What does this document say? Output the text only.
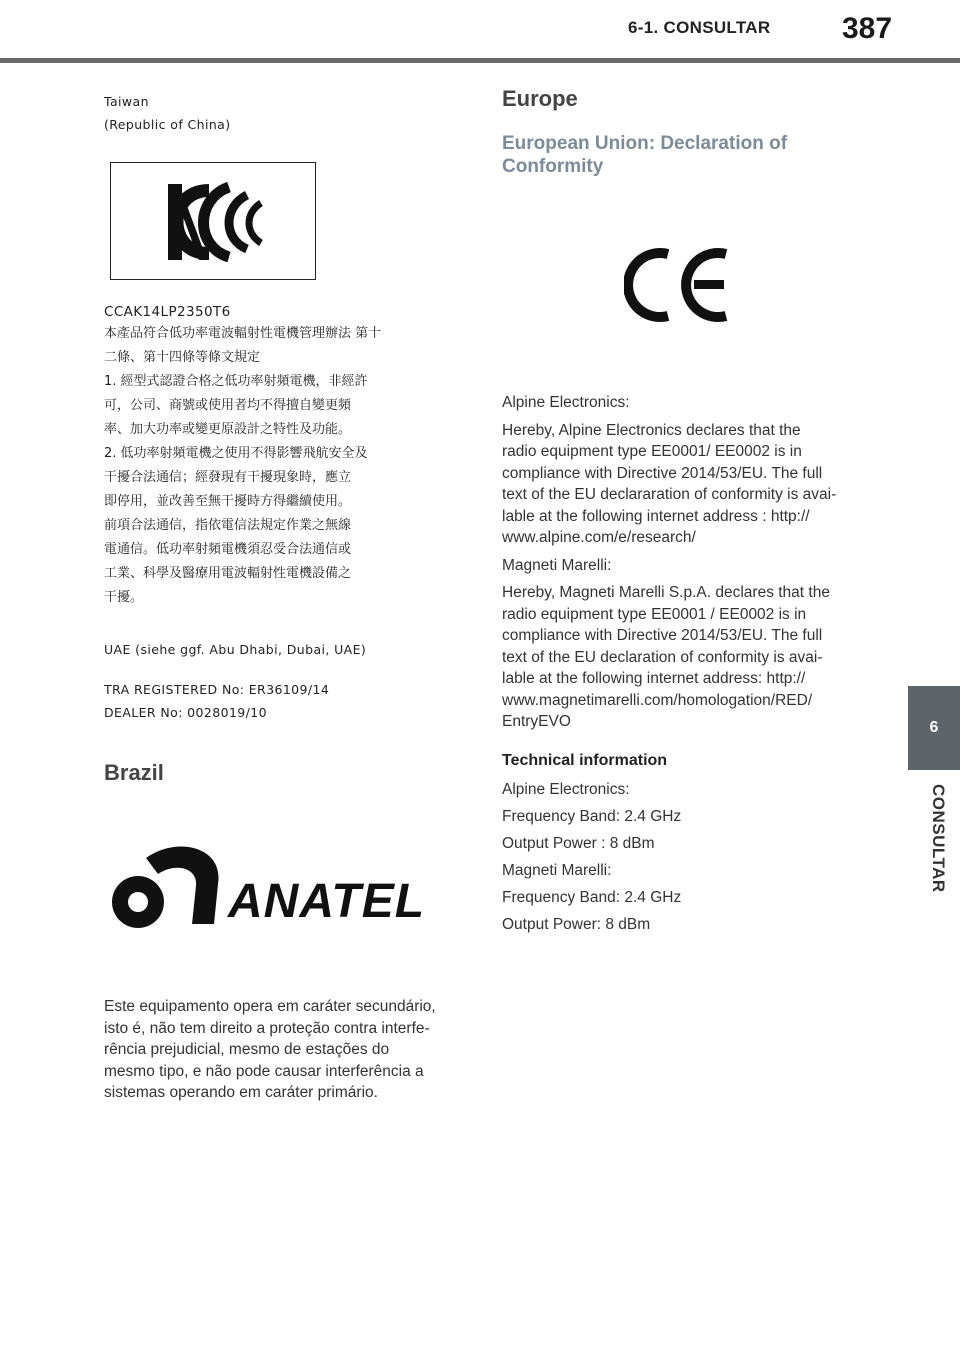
6-1. CONSULTAR	387
6
CONSULTAR
Taiwan
(Republic of China)
CCAK14LP2350T6
本產品符合低功率電波輻射性電機管理辦法 第十
二條、第十四條等條文規定
1. 經型式認證合格之低功率射頻電機，非經許
可，公司、商號或使用者均不得擅自變更頻
率、加大功率或變更原設計之特性及功能。
2. 低功率射頻電機之使用不得影響飛航安全及
干擾合法通信；經發現有干擾現象時，應立
即停用，並改善至無干擾時方得繼續使用。
前項合法通信，指依電信法規定作業之無線
電通信。低功率射頻電機須忍受合法通信或
工業、科學及醫療用電波輻射性電機設備之
干擾。
UAE (siehe ggf. Abu Dhabi, Dubai, UAE)
TRA REGISTERED No: ER36109/14
DEALER No: 0028019/10
Brazil
ANATEL
Este equipamento opera em caráter secundário,
isto é, não tem direito a proteção contra interfe-
rência prejudicial, mesmo de estações do
mesmo tipo, e não pode causar interferência a
sistemas operando em caráter primário.
Europe
European Union: Declaration of
Conformity
Alpine Electronics:
Hereby, Alpine Electronics declares that the
radio equipment type EE0001/ EE0002 is in
compliance with Directive 2014/53/EU. The full
text of the EU declararation of conformity is avai-
lable at the following internet address : http://
www.alpine.com/e/research/
Magneti Marelli:
Hereby, Magneti Marelli S.p.A. declares that the
radio equipment type EE0001 / EE0002 is in
compliance with Directive 2014/53/EU. The full
text of the EU declaration of conformity is avai-
lable at the following internet address: http://
www.magnetimarelli.com/homologation/RED/
EntryEVO
Technical information
Alpine Electronics:
Frequency Band: 2.4 GHz
Output Power : 8 dBm
Magneti Marelli:
Frequency Band: 2.4 GHz
Output Power: 8 dBm
